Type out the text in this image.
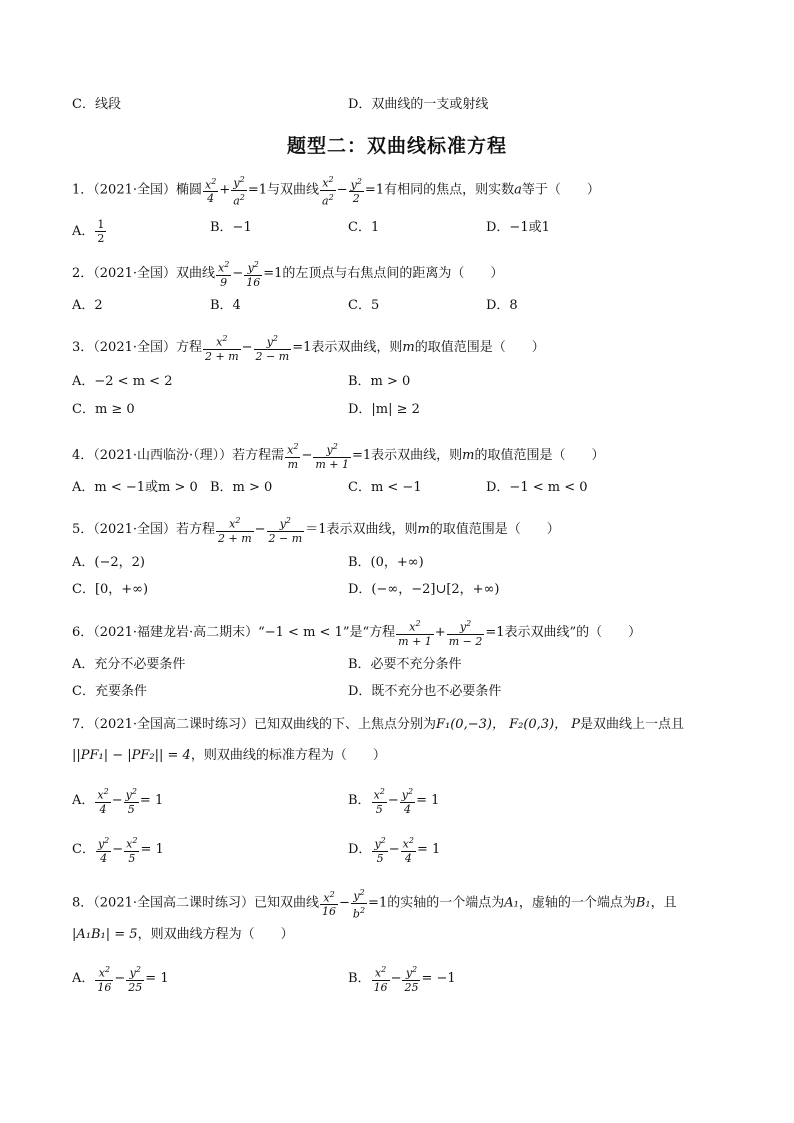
C．线段	D．双曲线的一支或射线
题型二：双曲线标准方程
1．（2021·全国）椭圆 $\frac{x^2}{4} + \frac{y^2}{a^2} =1$与双曲线 $\frac{x^2}{a^2} - \frac{y^2}{2} =1$有相同的焦点，则实数a等于（　　）
A． $\frac{1}{2}$	B．−1	C．1	D．−1或1
2．（2021·全国）双曲线 $\frac{x^2}{9} - \frac{y^2}{16} =1$的左顶点与右焦点间的距离为（　　）
A．2	B．4	C．5	D．8
3．（2021·全国）方程 $\frac{x^2}{2 + m} - \frac{y^2}{2 - m} =1$表示双曲线，则m的取值范围是（　　）
A．−2 < m < 2	B．m > 0
C．m ≥ 0	D．|m| ≥ 2
4．（2021·山西临汾·（理））若方程需 $\frac{x^2}{m} - \frac{y^2}{m + 1} =1$表示双曲线，则m的取值范围是（　　）
A．m < −1或m > 0 B．m > 0	C．m < −1	D．−1 < m < 0
5．（2021·全国）若方程 $\frac{x^2}{2 + m} - \frac{y^2}{2 - m} =1$表示双曲线，则m的取值范围是（　　）
A．(−2，2)	B．(0，+∞)
C．[0，+∞)	D．(−∞，−2]∪[2，+∞)
6．（2021·福建龙岩·高二期末）“−1 < m < 1”是“方程 $\frac{x^2}{m + 1} + \frac{y^2}{m - 2} =1$表示双曲线”的（　　）
A．充分不必要条件	B．必要不充分条件
C．充要条件	D．既不充分也不必要条件
7．（2021·全国高二课时练习）已知双曲线的下、上焦点分别为F₁(0,−3)， F₂(0,3)， P是双曲线上一点且
||PF₁| − |PF₂|| = 4，则双曲线的标准方程为（　　）
A． $\frac{x^2}{4} - \frac{y^2}{5} = 1$	B． $\frac{x^2}{5} - \frac{y^2}{4} = 1$
C． $\frac{y^2}{4} - \frac{x^2}{5} = 1$	D． $\frac{y^2}{5} - \frac{x^2}{4} = 1$
8．（2021·全国高二课时练习）已知双曲线 $\frac{x^2}{16} - \frac{y^2}{b^2} =1$的实轴的一个端点为A₁，虚轴的一个端点为B₁，且
|A₁B₁| = 5，则双曲线方程为（　　）
A． $\frac{x^2}{16} - \frac{y^2}{25} = 1$	B． $\frac{x^2}{16} - \frac{y^2}{25} = -1$
